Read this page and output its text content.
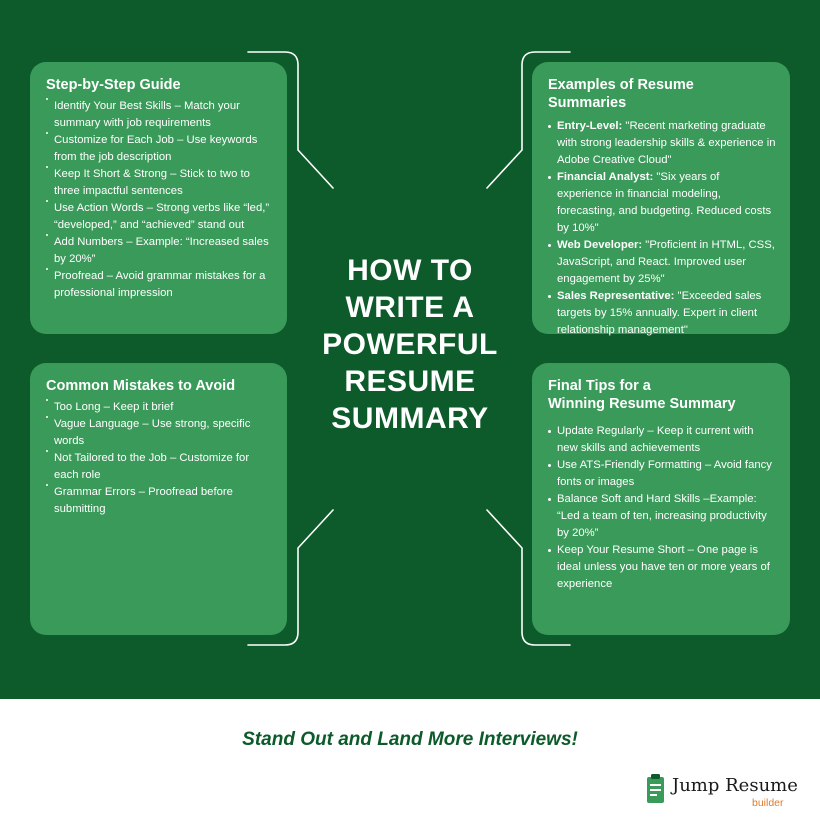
Step-by-Step Guide
Identify Your Best Skills – Match your summary with job requirements
Customize for Each Job – Use keywords from the job description
Keep It Short & Strong – Stick to two to three impactful sentences
Use Action Words – Strong verbs like “led,” “developed,” and “achieved” stand out
Add Numbers – Example: “Increased sales by 20%”
Proofread – Avoid grammar mistakes for a professional impression
Examples of Resume Summaries
Entry-Level: "Recent marketing graduate with strong leadership skills & experience in Adobe Creative Cloud"
Financial Analyst: "Six years of experience in financial modeling, forecasting, and budgeting. Reduced costs by 10%"
Web Developer: "Proficient in HTML, CSS, JavaScript, and React. Improved user engagement by 25%"
Sales Representative: "Exceeded sales targets by 15% annually. Expert in client relationship management"
Common Mistakes to Avoid
Too Long – Keep it brief
Vague Language – Use strong, specific words
Not Tailored to the Job – Customize for each role
Grammar Errors – Proofread before submitting
Final Tips for a
Winning Resume Summary
Update Regularly – Keep it current with new skills and achievements
Use ATS-Friendly Formatting – Avoid fancy fonts or images
Balance Soft and Hard Skills –Example: “Led a team of ten, increasing productivity by 20%”
Keep Your Resume Short – One page is ideal unless you have ten or more years of experience
HOW TO
WRITE A
POWERFUL
RESUME
SUMMARY
Stand Out and Land More Interviews!
Jump Resume
builder
